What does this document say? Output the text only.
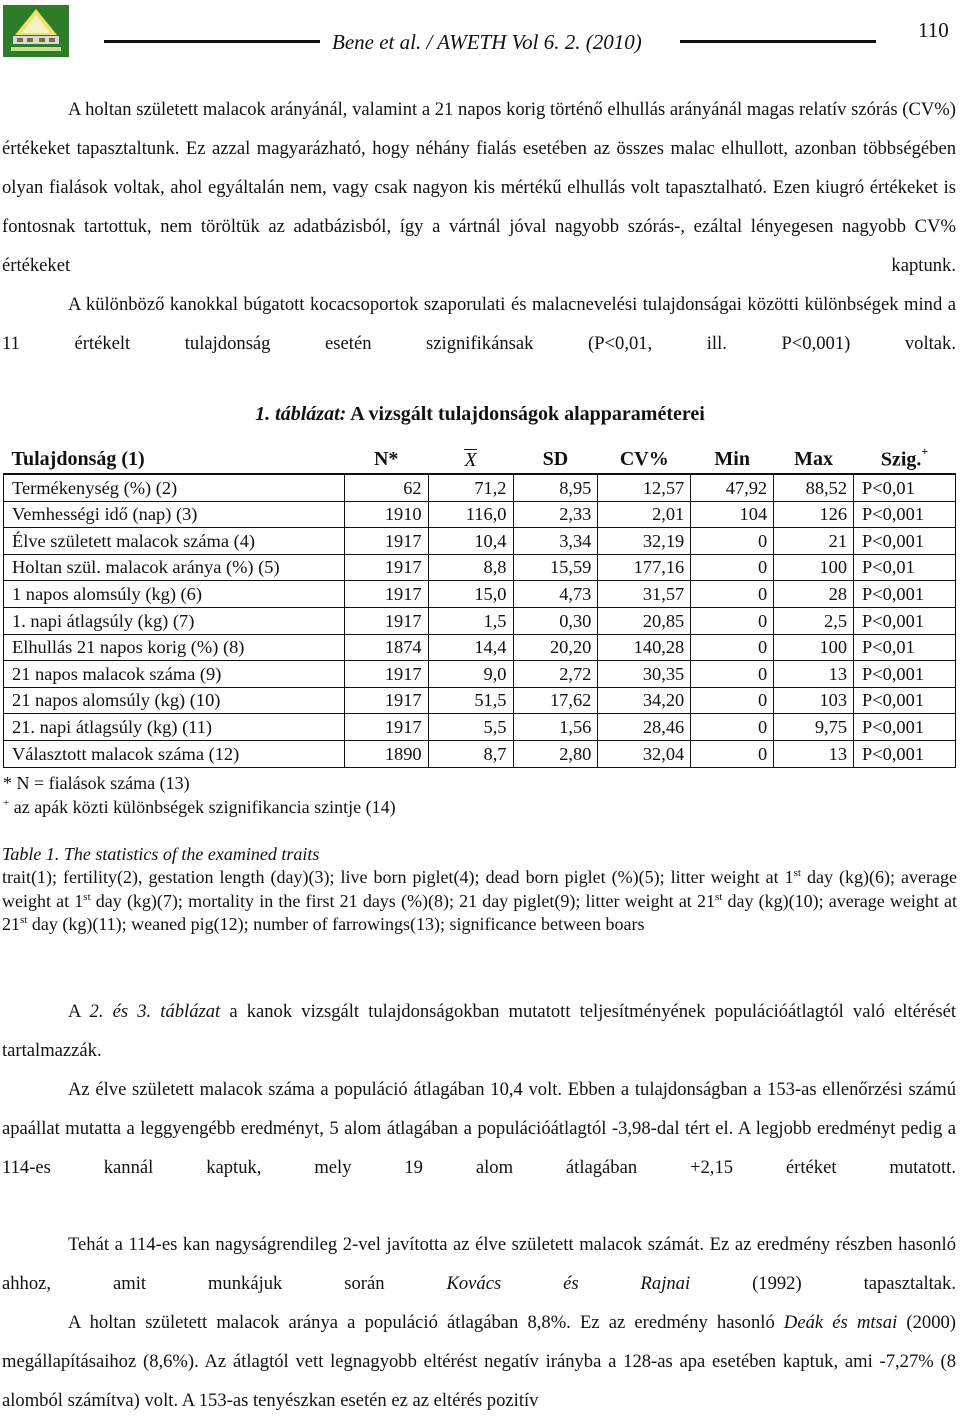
Bene et al. / AWETH Vol 6. 2. (2010)	110

A holtan született malacok arányánál, valamint a 21 napos korig történő elhullás arányánál magas relatív szórás (CV%) értékeket tapasztaltunk. Ez azzal magyarázható, hogy néhány fialás esetében az összes malac elhullott, azonban többségében olyan fialások voltak, ahol egyáltalán nem, vagy csak nagyon kis mértékű elhullás volt tapasztalható. Ezen kiugró értékeket is fontosnak tartottuk, nem töröltük az adatbázisból, így a vártnál jóval nagyobb szórás-, ezáltal lényegesen nagyobb CV% értékeket kaptunk.

A különböző kanokkal búgatott kocacsoportok szaporulati és malacnevelési tulajdonságai közötti különbségek mind a 11 értékelt tulajdonság esetén szignifikánsak (P<0,01, ill. P<0,001) voltak.

1. táblázat: A vizsgált tulajdonságok alapparaméterei
Tulajdonság (1)	N*	X	SD	CV%	Min	Max	Szig.+
Termékenység (%) (2)	62	71,2	8,95	12,57	47,92	88,52	P<0,01
Vemhességi idő (nap) (3)	1910	116,0	2,33	2,01	104	126	P<0,001
Élve született malacok száma (4)	1917	10,4	3,34	32,19	0	21	P<0,001
Holtan szül. malacok aránya (%) (5)	1917	8,8	15,59	177,16	0	100	P<0,01
1 napos alomsúly (kg) (6)	1917	15,0	4,73	31,57	0	28	P<0,001
1. napi átlagsúly (kg) (7)	1917	1,5	0,30	20,85	0	2,5	P<0,001
Elhullás 21 napos korig (%) (8)	1874	14,4	20,20	140,28	0	100	P<0,01
21 napos malacok száma (9)	1917	9,0	2,72	30,35	0	13	P<0,001
21 napos alomsúly (kg) (10)	1917	51,5	17,62	34,20	0	103	P<0,001
21. napi átlagsúly (kg) (11)	1917	5,5	1,56	28,46	0	9,75	P<0,001
Választott malacok száma (12)	1890	8,7	2,80	32,04	0	13	P<0,001
* N = fialások száma (13)
+ az apák közti különbségek szignifikancia szintje (14)
Table 1. The statistics of the examined traits

trait(1); fertility(2), gestation length (day)(3); live born piglet(4); dead born piglet (%)(5); litter weight at 1st day (kg)(6); average weight at 1st day (kg)(7); mortality in the first 21 days (%)(8); 21 day piglet(9); litter weight at 21st day (kg)(10); average weight at 21st day (kg)(11); weaned pig(12); number of farrowings(13); significance between boars

A 2. és 3. táblázat a kanok vizsgált tulajdonságokban mutatott teljesítményének populációátlagtól való eltérését tartalmazzák.

Az élve született malacok száma a populáció átlagában 10,4 volt. Ebben a tulajdonságban a 153-as ellenőrzési számú apaállat mutatta a leggyengébb eredményt, 5 alom átlagában a populációátlagtól -3,98-dal tért el. A legjobb eredményt pedig a 114-es kannál kaptuk, mely 19 alom átlagában +2,15 értéket mutatott.

Tehát a 114-es kan nagyságrendileg 2-vel javította az élve született malacok számát. Ez az eredmény részben hasonló ahhoz, amit munkájuk során Kovács és Rajnai (1992) tapasztaltak.

A holtan született malacok aránya a populáció átlagában 8,8%. Ez az eredmény hasonló Deák és mtsai (2000) megállapításaihoz (8,6%). Az átlagtól vett legnagyobb eltérést negatív irányba a 128-as apa esetében kaptuk, ami -7,27% (8 alomból számítva) volt. A 153-as tenyészkan esetén ez az eltérés pozitív
